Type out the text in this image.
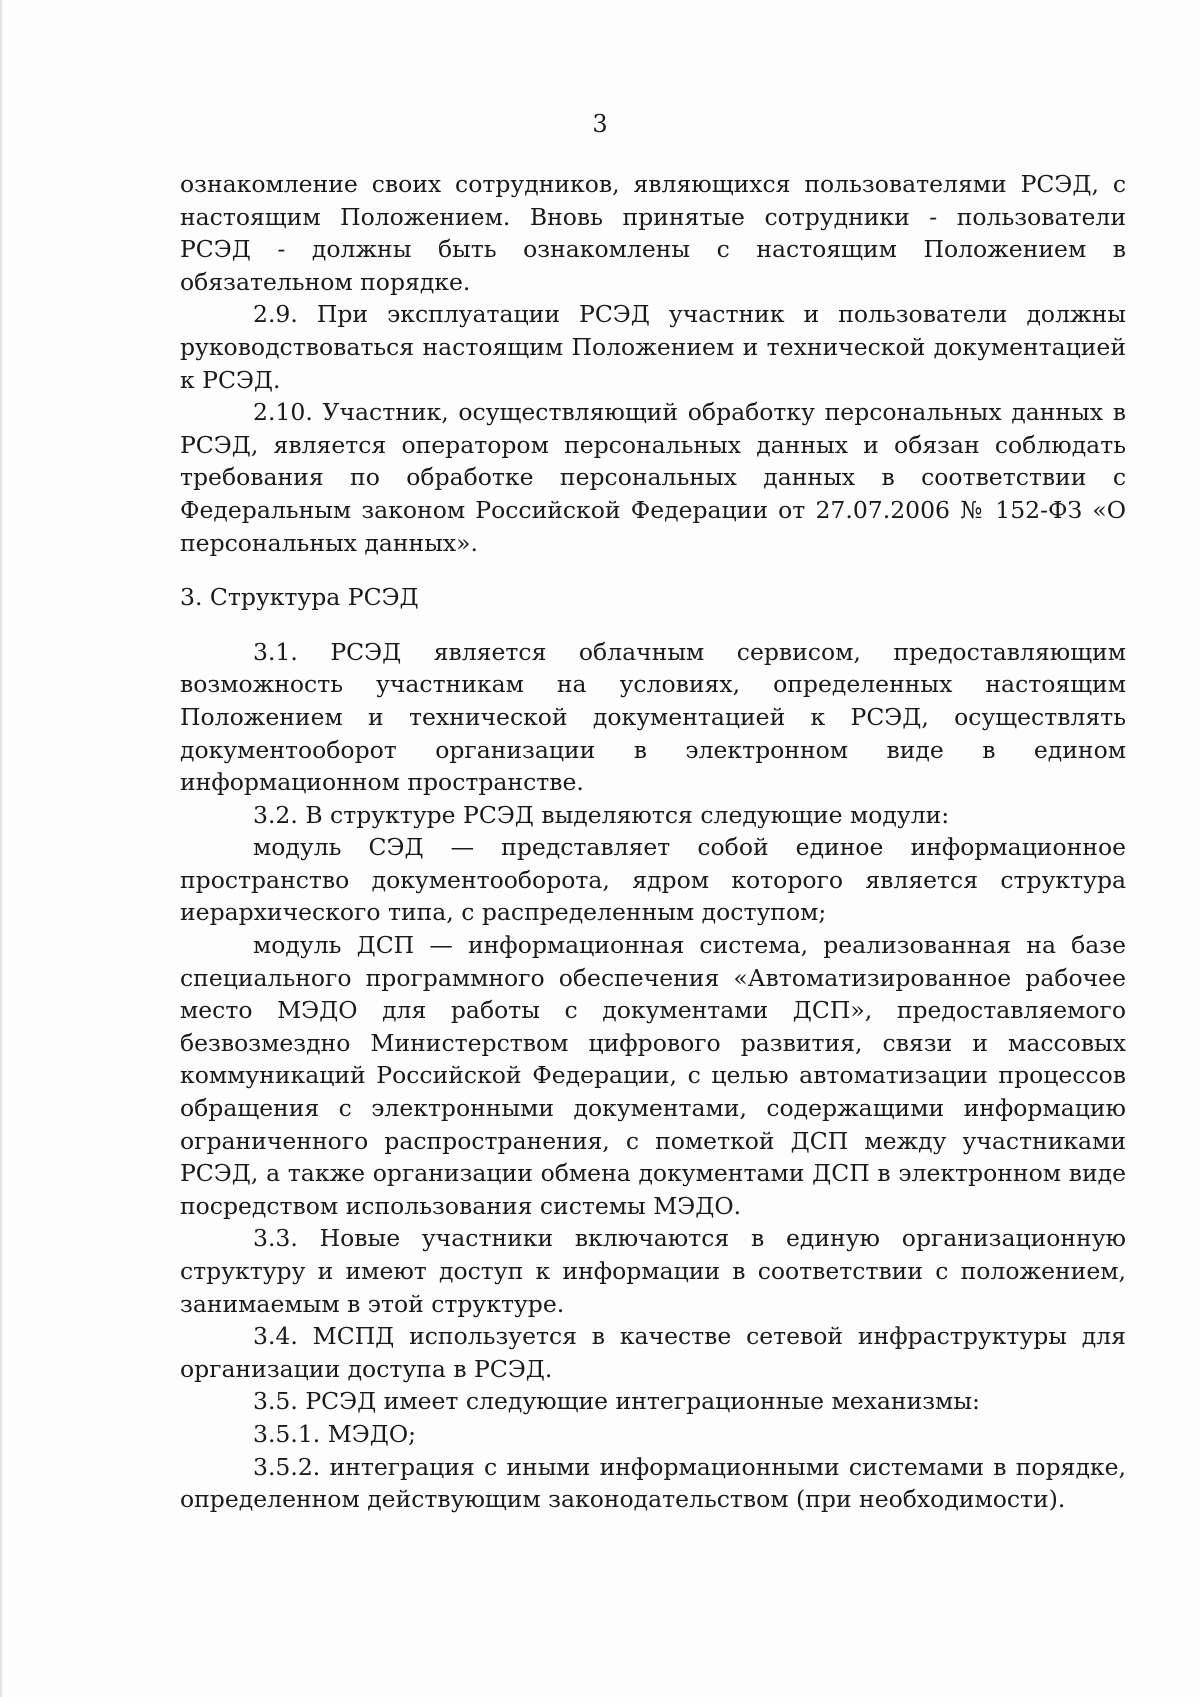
3

ознакомление своих сотрудников, являющихся пользователями РСЭД, с настоящим Положением. Вновь принятые сотрудники - пользователи РСЭД - должны быть ознакомлены с настоящим Положением в обязательном порядке.

2.9. При эксплуатации РСЭД участник и пользователи должны руководствоваться настоящим Положением и технической документацией к РСЭД.

2.10. Участник, осуществляющий обработку персональных данных в РСЭД, является оператором персональных данных и обязан соблюдать требования по обработке персональных данных в соответствии с Федеральным законом Российской Федерации от 27.07.2006 № 152-ФЗ «О персональных данных».

3. Структура РСЭД

3.1. РСЭД является облачным сервисом, предоставляющим возможность участникам на условиях, определенных настоящим Положением и технической документацией к РСЭД, осуществлять документооборот организации в электронном виде в едином информационном пространстве.

3.2. В структуре РСЭД выделяются следующие модули:

модуль СЭД — представляет собой единое информационное пространство документооборота, ядром которого является структура иерархического типа, с распределенным доступом;

модуль ДСП — информационная система, реализованная на базе специального программного обеспечения «Автоматизированное рабочее место МЭДО для работы с документами ДСП», предоставляемого безвозмездно Министерством цифрового развития, связи и массовых коммуникаций Российской Федерации, с целью автоматизации процессов обращения с электронными документами, содержащими информацию ограниченного распространения, с пометкой ДСП между участниками РСЭД, а также организации обмена документами ДСП в электронном виде посредством использования системы МЭДО.

3.3. Новые участники включаются в единую организационную структуру и имеют доступ к информации в соответствии с положением, занимаемым в этой структуре.

3.4. МСПД используется в качестве сетевой инфраструктуры для организации доступа в РСЭД.

3.5. РСЭД имеет следующие интеграционные механизмы:

3.5.1. МЭДО;

3.5.2. интеграция с иными информационными системами в порядке, определенном действующим законодательством (при необходимости).
